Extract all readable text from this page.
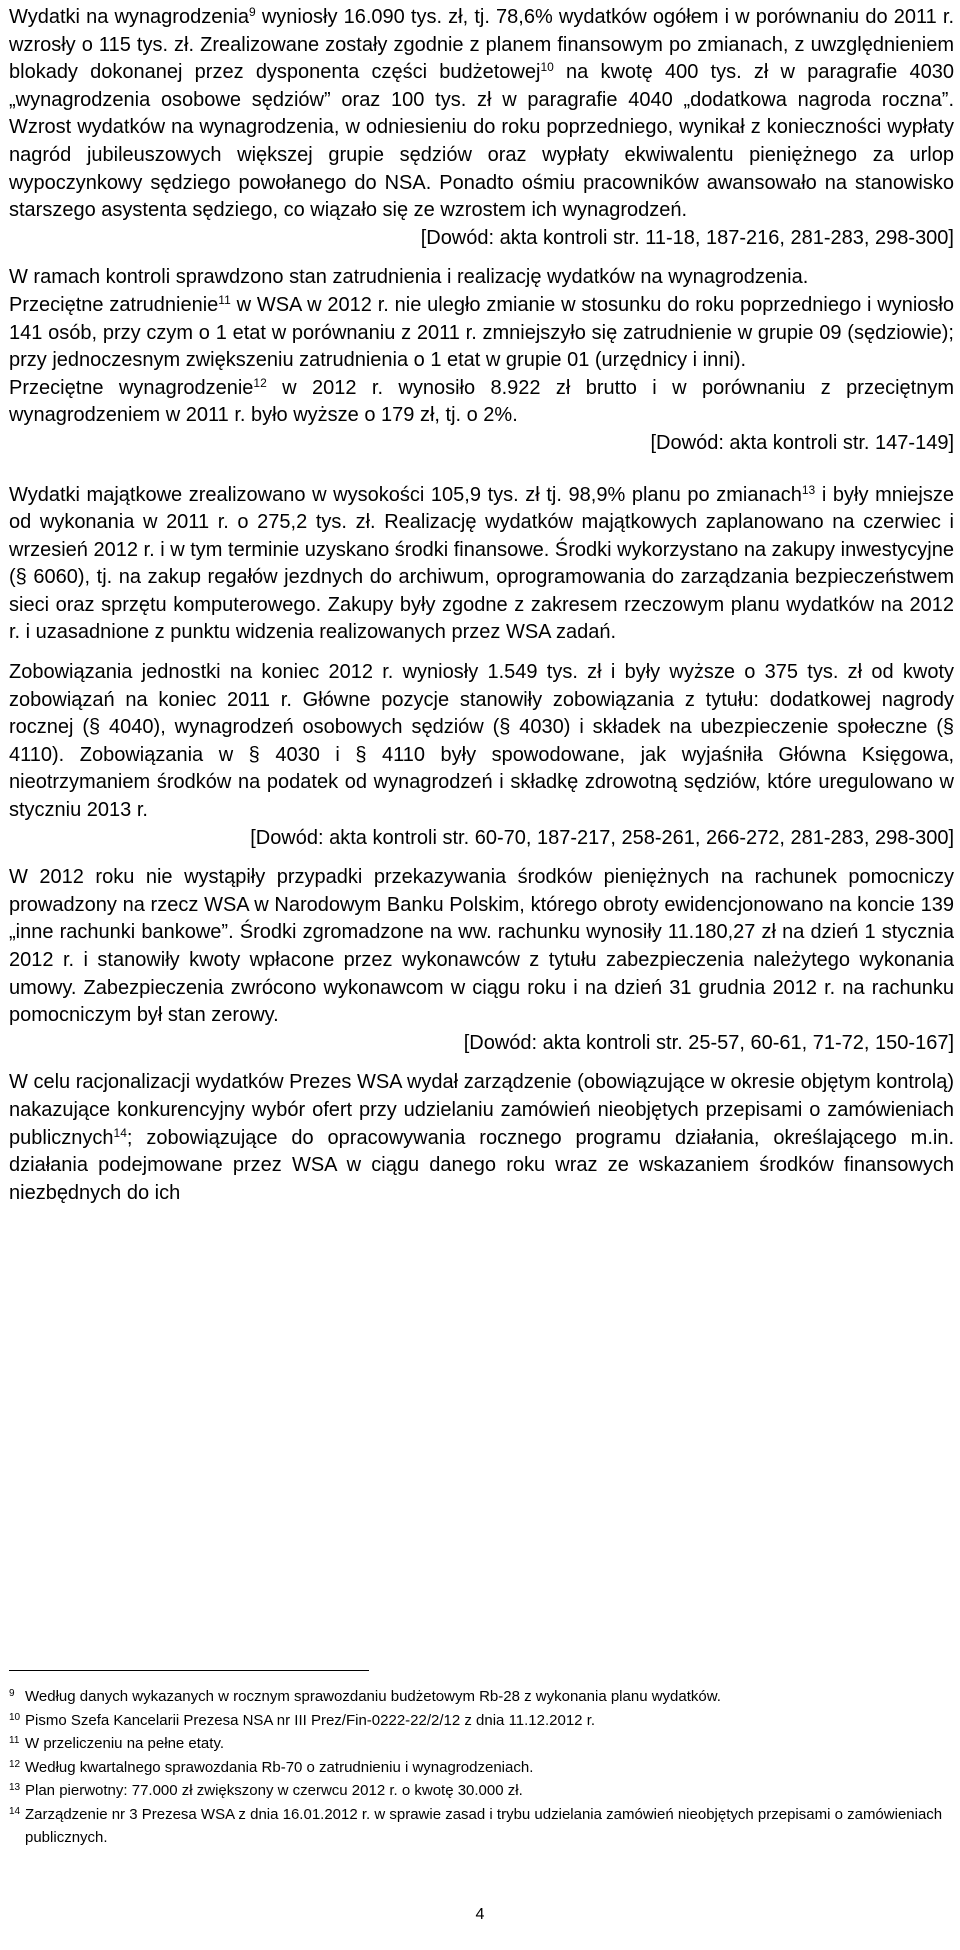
Wydatki na wynagrodzenia$^9$ wyniosły 16.090 tys. zł, tj. 78,6% wydatków ogółem i w porównaniu do 2011 r. wzrosły o 115 tys. zł. Zrealizowane zostały zgodnie z planem finansowym po zmianach, z uwzględnieniem blokady dokonanej przez dysponenta części budżetowej$^{10}$ na kwotę 400 tys. zł w paragrafie 4030 „wynagrodzenia osobowe sędziów” oraz 100 tys. zł w paragrafie 4040 „dodatkowa nagroda roczna”. Wzrost wydatków na wynagrodzenia, w odniesieniu do roku poprzedniego, wynikał z konieczności wypłaty nagród jubileuszowych większej grupie sędziów oraz wypłaty ekwiwalentu pieniężnego za urlop wypoczynkowy sędziego powołanego do NSA. Ponadto ośmiu pracowników awansowało na stanowisko starszego asystenta sędziego, co wiązało się ze wzrostem ich wynagrodzeń.

[Dowód: akta kontroli str. 11-18, 187-216, 281-283, 298-300]

W ramach kontroli sprawdzono stan zatrudnienia i realizację wydatków na wynagrodzenia.

Przeciętne zatrudnienie$^{11}$ w WSA w 2012 r. nie uległo zmianie w stosunku do roku poprzedniego i wyniosło 141 osób, przy czym o 1 etat w porównaniu z 2011 r. zmniejszyło się zatrudnienie w grupie 09 (sędziowie); przy jednoczesnym zwiększeniu zatrudnienia o 1 etat w grupie 01 (urzędnicy i inni).

Przeciętne wynagrodzenie$^{12}$ w 2012 r. wynosiło 8.922 zł brutto i w porównaniu z przeciętnym wynagrodzeniem w 2011 r. było wyższe o 179 zł, tj. o 2%.

[Dowód: akta kontroli str. 147-149]

Wydatki majątkowe zrealizowano w wysokości 105,9 tys. zł tj. 98,9% planu po zmianach$^{13}$ i były mniejsze od wykonania w 2011 r. o 275,2 tys. zł. Realizację wydatków majątkowych zaplanowano na czerwiec i wrzesień 2012 r. i w tym terminie uzyskano środki finansowe. Środki wykorzystano na zakupy inwestycyjne (§ 6060), tj. na zakup regałów jezdnych do archiwum, oprogramowania do zarządzania bezpieczeństwem sieci oraz sprzętu komputerowego. Zakupy były zgodne z zakresem rzeczowym planu wydatków na 2012 r. i uzasadnione z punktu widzenia realizowanych przez WSA zadań.

Zobowiązania jednostki na koniec 2012 r. wyniosły 1.549 tys. zł i były wyższe o 375 tys. zł od kwoty zobowiązań na koniec 2011 r. Główne pozycje stanowiły zobowiązania z tytułu: dodatkowej nagrody rocznej (§ 4040), wynagrodzeń osobowych sędziów (§ 4030) i składek na ubezpieczenie społeczne (§ 4110). Zobowiązania w § 4030 i § 4110 były spowodowane, jak wyjaśniła Główna Księgowa, nieotrzymaniem środków na podatek od wynagrodzeń i składkę zdrowotną sędziów, które uregulowano w styczniu 2013 r.

[Dowód: akta kontroli str. 60-70, 187-217, 258-261, 266-272, 281-283, 298-300]

W 2012 roku nie wystąpiły przypadki przekazywania środków pieniężnych na rachunek pomocniczy prowadzony na rzecz WSA w Narodowym Banku Polskim, którego obroty ewidencjonowano na koncie 139 „inne rachunki bankowe”. Środki zgromadzone na ww. rachunku wynosiły 11.180,27 zł na dzień 1 stycznia 2012 r. i stanowiły kwoty wpłacone przez wykonawców z tytułu zabezpieczenia należytego wykonania umowy. Zabezpieczenia zwrócono wykonawcom w ciągu roku i na dzień 31 grudnia 2012 r. na rachunku pomocniczym był stan zerowy.

[Dowód: akta kontroli str. 25-57, 60-61, 71-72, 150-167]

W celu racjonalizacji wydatków Prezes WSA wydał zarządzenie (obowiązujące w okresie objętym kontrolą) nakazujące konkurencyjny wybór ofert przy udzielaniu zamówień nieobjętych przepisami o zamówieniach publicznych$^{14}$; zobowiązujące do opracowywania rocznego programu działania, określającego m.in. działania podejmowane przez WSA w ciągu danego roku wraz ze wskazaniem środków finansowych niezbędnych do ich

9 Według danych wykazanych w rocznym sprawozdaniu budżetowym Rb-28 z wykonania planu wydatków.
10 Pismo Szefa Kancelarii Prezesa NSA nr III Prez/Fin-0222-22/2/12 z dnia 11.12.2012 r.
11 W przeliczeniu na pełne etaty.
12 Według kwartalnego sprawozdania Rb-70 o zatrudnieniu i wynagrodzeniach.
13 Plan pierwotny: 77.000 zł zwiększony w czerwcu 2012 r. o kwotę 30.000 zł.
14 Zarządzenie nr 3 Prezesa WSA z dnia 16.01.2012 r. w sprawie zasad i trybu udzielania zamówień nieobjętych przepisami o zamówieniach publicznych.
4
